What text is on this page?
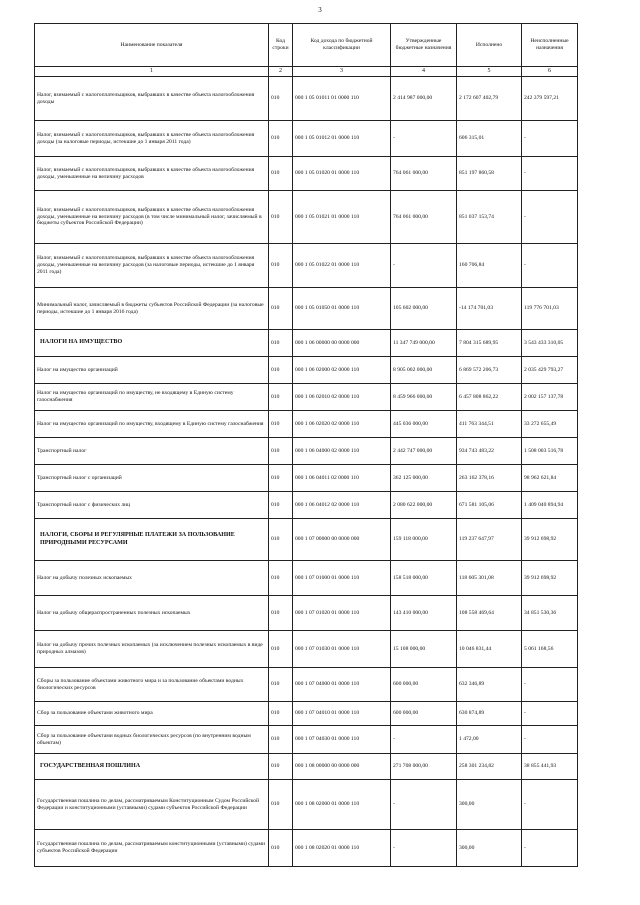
3
Наименование показателя	Код строки	Код дохода по бюджетной классификации	Утвержденные бюджетные назначения	Исполнено	Неисполненные назначения
1	2	3	4	5	6
Налог, взимаемый с налогоплательщиков, выбравших в качестве объекта налогообложения доходы	010	000 1 05 01011 01 0000 110	2 414 987 000,00	2 172 607 402,79	242 379 597,21
Налог, взимаемый с налогоплательщиков, выбравших в качестве объекта налогообложения доходы (за налоговые периоды, истекшие до 1 января 2011 года)	010	000 1 05 01012 01 0000 110	-	606 315,01	-
Налог, взимаемый с налогоплательщиков, выбравших в качестве объекта налогообложения доходы, уменьшенные на величину расходов	010	000 1 05 01020 01 0000 110	764 061 000,00	851 197 860,58	-
Налог, взимаемый с налогоплательщиков, выбравших в качестве объекта налогообложения доходы, уменьшенные на величину расходов (в том числе минимальный налог, зачисляемый в бюджеты субъектов Российской Федерации)	010	000 1 05 01021 01 0000 110	764 061 000,00	851 037 153,74	-
Налог, взимаемый с налогоплательщиков, выбравших в качестве объекта налогообложения доходы, уменьшенные на величину расходов (за налоговые периоды, истекшие до 1 января 2011 года)	010	000 1 05 01022 01 0000 110	-	160 706,84	-
Минимальный налог, зачисляемый в бюджеты субъектов Российской Федерации (за налоговые периоды, истекшие до 1 января 2016 года)	010	000 1 05 01050 01 0000 110	105 602 000,00	-14 174 701,03	119 776 701,03
НАЛОГИ НА ИМУЩЕСТВО	010	000 1 06 00000 00 0000 000	11 347 749 000,00	7 804 315 689,95	3 543 433 310,05
Налог на имущество организаций	010	000 1 06 02000 02 0000 110	8 905 002 000,00	6 869 572 206,73	2 035 429 793,27
Налог на имущество организаций по имуществу, не входящему в Единую систему газоснабжения	010	000 1 06 02010 02 0000 110	8 459 966 000,00	6 457 808 862,22	2 002 157 137,78
Налог на имущество организаций по имуществу, входящему в Единую систему газоснабжения	010	000 1 06 02020 02 0000 110	445 036 000,00	411 763 344,51	33 272 655,49
Транспортный налог	010	000 1 06 04000 02 0000 110	2 442 747 000,00	934 743 483,22	1 508 003 516,78
Транспортный налог с организаций	010	000 1 06 04011 02 0000 110	362 125 000,00	263 162 378,16	98 962 621,84
Транспортный налог с физических лиц	010	000 1 06 04012 02 0000 110	2 080 622 000,00	671 581 105,06	1 409 040 894,94
НАЛОГИ, СБОРЫ И РЕГУЛЯРНЫЕ ПЛАТЕЖИ ЗА ПОЛЬЗОВАНИЕ ПРИРОДНЫМИ РЕСУРСАМИ	010	000 1 07 00000 00 0000 000	159 118 000,00	119 237 647,97	39 912 698,92
Налог на добычу полезных ископаемых	010	000 1 07 01000 01 0000 110	158 518 000,00	118 605 301,08	39 912 698,92
Налог на добычу общераспространенных полезных ископаемых	010	000 1 07 01020 01 0000 110	143 410 000,00	108 558 469,64	34 851 530,36
Налог на добычу прочих полезных ископаемых (за исключением полезных ископаемых в виде природных алмазов)	010	000 1 07 01030 01 0000 110	15 108 000,00	10 046 831,44	5 061 168,56
Сборы за пользование объектами животного мира и за пользование объектами водных биологических ресурсов	010	000 1 07 04000 01 0000 110	600 000,00	632 346,89	-
Сбор за пользование объектами животного мира	010	000 1 07 04010 01 0000 110	600 000,00	630 874,89	-
Сбор за пользование объектами водных биологических ресурсов (по внутренним водным объектам)	010	000 1 07 04030 01 0000 110	-	1 472,00	-
ГОСУДАРСТВЕННАЯ ПОШЛИНА	010	000 1 08 00000 00 0000 000	271 708 000,00	258 301 234,82	38 855 441,93
Государственная пошлина по делам, рассматриваемым Конституционным Судом Российской Федерации и конституционными (уставными) судами субъектов Российской Федерации	010	000 1 08 02000 01 0000 110	-	300,00	-
Государственная пошлина по делам, рассматриваемым конституционными (уставными) судами субъектов Российской Федерации	010	000 1 08 02020 01 0000 110	-	300,00	-
